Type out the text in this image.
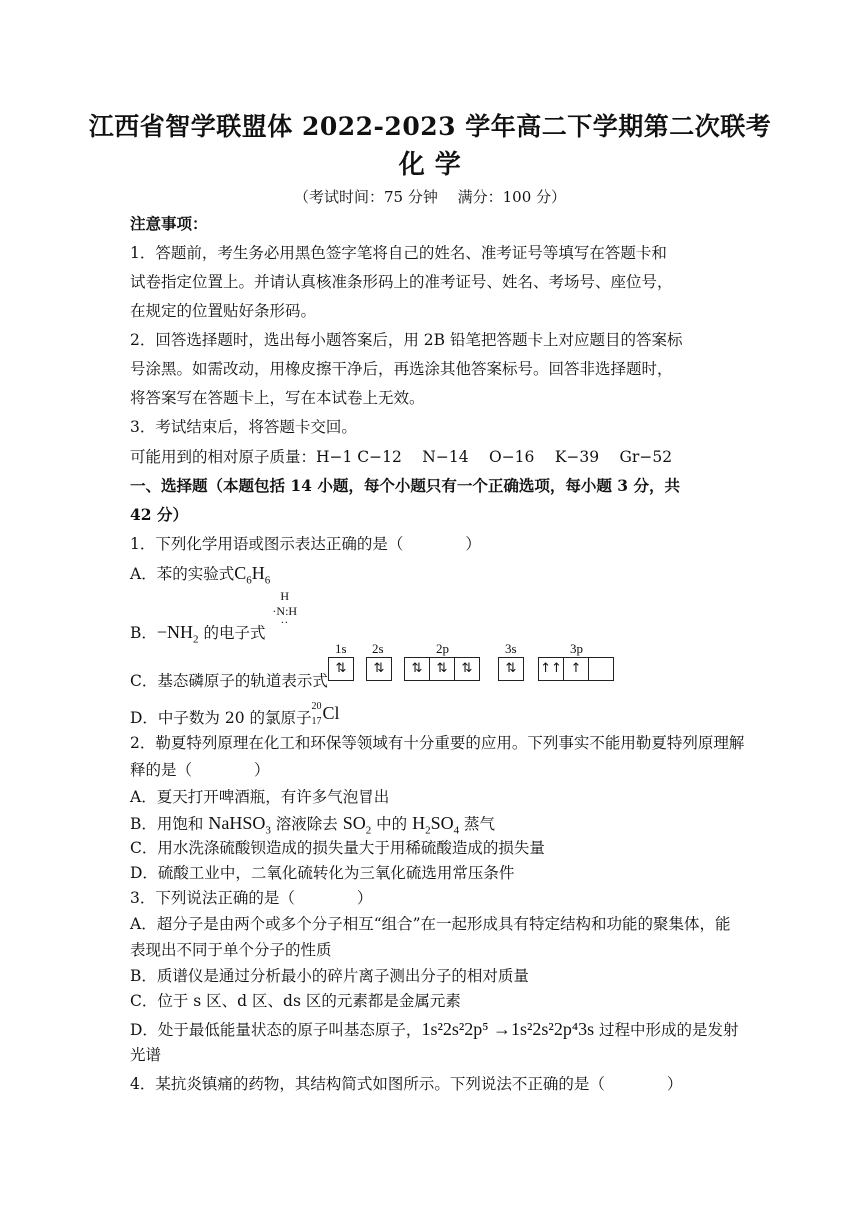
江西省智学联盟体 2022-2023 学年高二下学期第二次联考
化 学
（考试时间：75 分钟　 满分：100 分）
注意事项：
1．答题前，考生务必用黑色签字笔将自己的姓名、准考证号等填写在答题卡和
试卷指定位置上。并请认真核准条形码上的准考证号、姓名、考场号、座位号，
在规定的位置贴好条形码。
2．回答选择题时，选出每小题答案后，用 2B 铅笔把答题卡上对应题目的答案标
号涂黑。如需改动，用橡皮擦干净后，再选涂其他答案标号。回答非选择题时，
将答案写在答题卡上，写在本试卷上无效。
3．考试结束后，将答题卡交回。
可能用到的相对原子质量：H−1 C−12　 N−14　 O−16　 K−39　 Gr−52
一、选择题（本题包括 14 小题，每个小题只有一个正确选项，每小题 3 分，共
42 分）
1．下列化学用语或图示表达正确的是（　　　　）
A．苯的实验式$C_6H_6$
B．$-NH_2$ 的电子式
H
·N:H
··
C．基态磷原子的轨道表示式
1s
⇅
2s
⇅
2p
⇅	⇅	⇅
3s
⇅
3p
↑↑ ↑
D．中子数为 20 的氯原子
20
17 Cl
2．勒夏特列原理在化工和环保等领域有十分重要的应用。下列事实不能用勒夏特列原理解
释的是（　　　　）
A．夏天打开啤酒瓶，有许多气泡冒出
B．用饱和 NaHSO$_3$ 溶液除去 $SO_2$ 中的 $H_2SO_4$ 蒸气
C．用水洗涤硫酸钡造成的损失量大于用稀硫酸造成的损失量
D．硫酸工业中，二氧化硫转化为三氧化硫选用常压条件
3．下列说法正确的是（　　　　）
A．超分子是由两个或多个分子相互“组合”在一起形成具有特定结构和功能的聚集体，能
表现出不同于单个分子的性质
B．质谱仪是通过分析最小的碎片离子测出分子的相对质量
C．位于 s 区、d 区、ds 区的元素都是金属元素
D．处于最低能量状态的原子叫基态原子，1s²2s²2p⁵ →1s²2s²2p⁴3s 过程中形成的是发射
光谱
4．某抗炎镇痛的药物，其结构简式如图所示。下列说法不正确的是（　　　　）
